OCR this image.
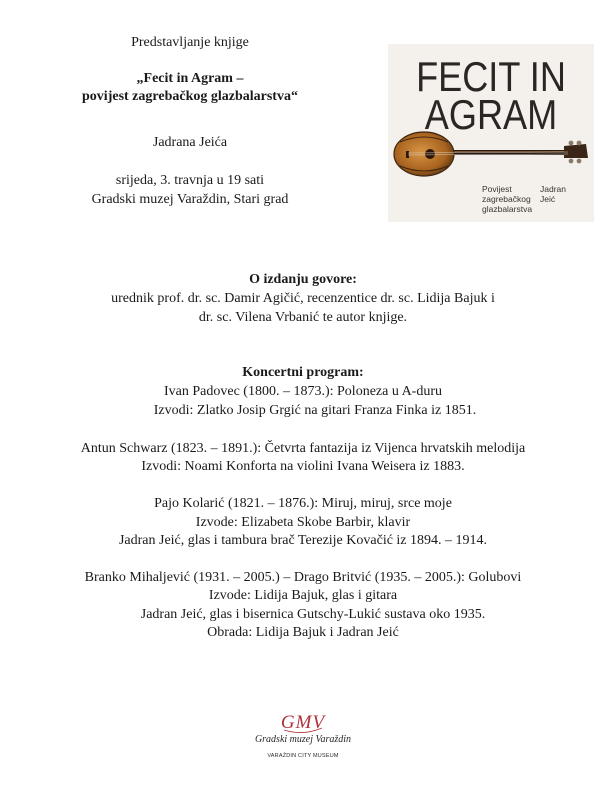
Predstavljanje knjige
„Fecit in Agram –
povijest zagrebačkog glazbalarstva“
Jadrana Jeića
srijeda, 3. travnja u 19 sati
Gradski muzej Varaždin, Stari grad
FECIT IN
AGRAM
Povijest
zagrebačkog
glazbalarstva
Jadran
Jeić
O izdanju govore:
urednik prof. dr. sc. Damir Agičić, recenzentice dr. sc. Lidija Bajuk i
dr. sc. Vilena Vrbanić te autor knjige.
Koncertni program:
Ivan Padovec (1800. – 1873.): Poloneza u A-duru
Izvodi: Zlatko Josip Grgić na gitari Franza Finka iz 1851.
Antun Schwarz (1823. – 1891.): Četvrta fantazija iz Vijenca hrvatskih melodija
Izvodi: Noami Konforta na violini Ivana Weisera iz 1883.
Pajo Kolarić (1821. – 1876.): Miruj, miruj, srce moje
Izvode: Elizabeta Skobe Barbir, klavir
Jadran Jeić, glas i tambura brač Terezije Kovačić iz 1894. – 1914.
Branko Mihaljević (1931. – 2005.) – Drago Britvić (1935. – 2005.): Golubovi
Izvode: Lidija Bajuk, glas i gitara
Jadran Jeić, glas i bisernica Gutschy-Lukić sustava oko 1935.
Obrada: Lidija Bajuk i Jadran Jeić
GMV
Gradski muzej Varaždin
VARAŽDIN CITY MUSEUM
